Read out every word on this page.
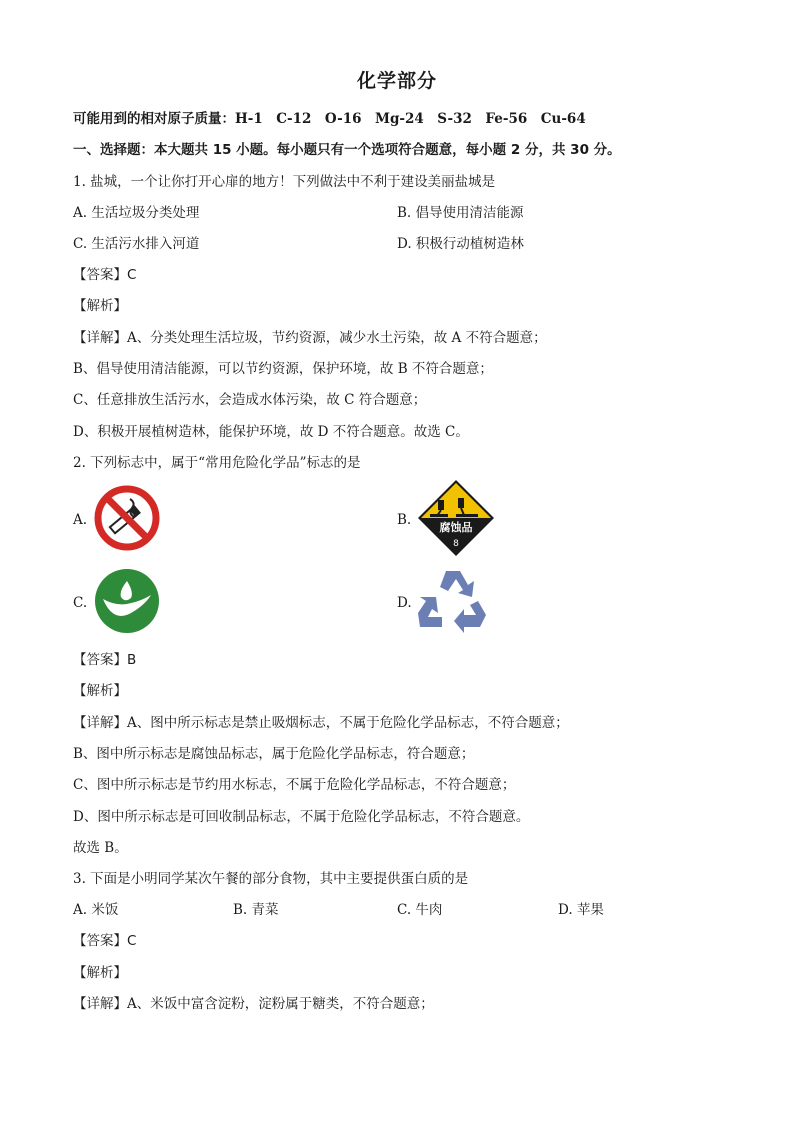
化学部分
可能用到的相对原子质量：H-1　C-12　O-16　Mg-24　S-32　Fe-56　Cu-64
一、选择题：本大题共 15 小题。每小题只有一个选项符合题意，每小题 2 分，共 30 分。
1. 盐城，一个让你打开心扉的地方！下列做法中不利于建设美丽盐城是
A. 生活垃圾分类处理	B. 倡导使用清洁能源
C. 生活污水排入河道	D. 积极行动植树造林
【答案】C
【解析】
【详解】A、分类处理生活垃圾，节约资源，减少水土污染，故 A 不符合题意；
B、倡导使用清洁能源，可以节约资源，保护环境，故 B 不符合题意；
C、任意排放生活污水，会造成水体污染，故 C 符合题意；
D、积极开展植树造林，能保护环境，故 D 不符合题意。故选 C。
2. 下列标志中，属于“常用危险化学品”标志的是
A.	B.	腐蚀品
8
C.	D.
【答案】B
【解析】
【详解】A、图中所示标志是禁止吸烟标志，不属于危险化学品标志，不符合题意；
B、图中所示标志是腐蚀品标志，属于危险化学品标志，符合题意；
C、图中所示标志是节约用水标志，不属于危险化学品标志，不符合题意；
D、图中所示标志是可回收制品标志，不属于危险化学品标志，不符合题意。
故选 B。
3. 下面是小明同学某次午餐的部分食物，其中主要提供蛋白质的是
A. 米饭	B. 青菜	C. 牛肉	D. 苹果
【答案】C
【解析】
【详解】A、米饭中富含淀粉，淀粉属于糖类，不符合题意；
